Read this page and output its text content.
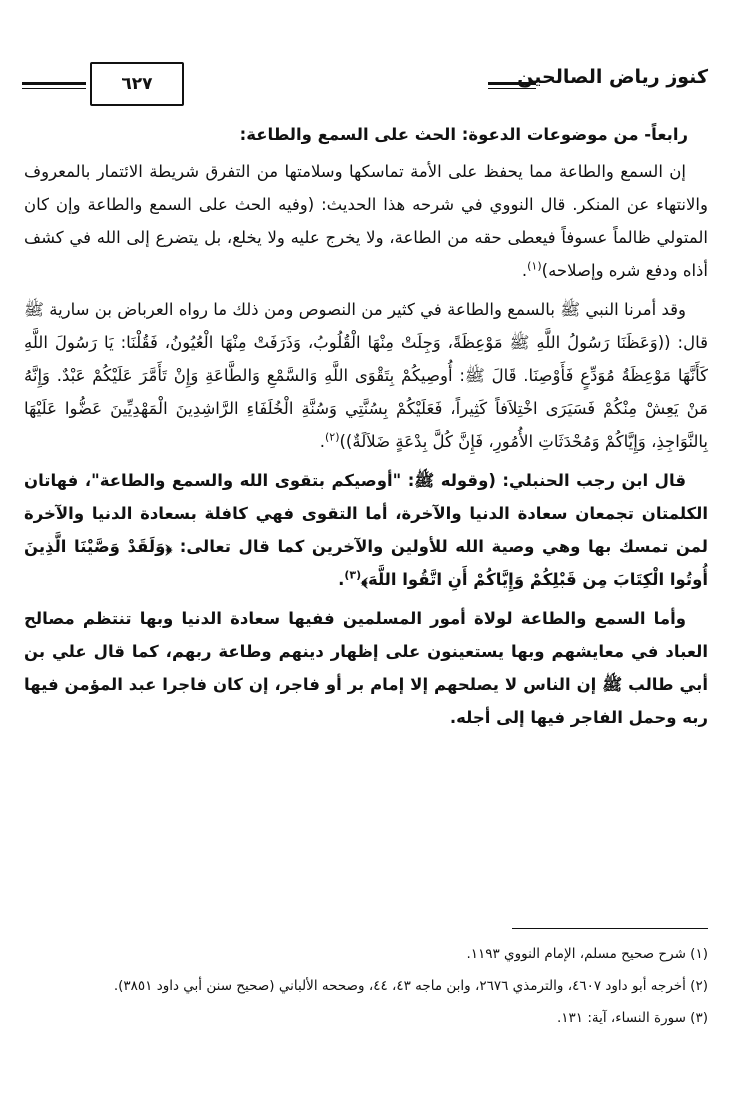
كنوز رياض الصالحين
٦٢٧

رابعاً- من موضوعات الدعوة: الحث على السمع والطاعة:

إن السمع والطاعة مما يحفظ على الأمة تماسكها وسلامتها من التفرق شريطة الائتمار بالمعروف والانتهاء عن المنكر. قال النووي في شرحه هذا الحديث: (وفيه الحث على السمع والطاعة وإن كان المتولي ظالماً عسوفاً فيعطى حقه من الطاعة، ولا يخرج عليه ولا يخلع، بل يتضرع إلى الله في كشف أذاه ودفع شره وإصلاحه)$^{(١)}$.

وقد أمرنا النبي ﷺ بالسمع والطاعة في كثير من النصوص ومن ذلك ما رواه العرباض بن سارية ﷺ قال: ((وَعَظَنَا رَسُولُ اللَّهِ ﷺ مَوْعِظَةً، وَجِلَتْ مِنْهَا الْقُلُوبُ، وَذَرَفَتْ مِنْهَا الْعُيُونُ، فَقُلْنَا: يَا رَسُولَ اللَّهِ كَأَنَّهَا مَوْعِظَةُ مُوَدِّعٍ فَأَوْصِنَا. قَالَ ﷺ: أُوصِيكُمْ بِتَقْوَى اللَّهِ وَالسَّمْعِ وَالطَّاعَةِ وَإِنْ تَأَمَّرَ عَلَيْكُمْ عَبْدٌ. وَإِنَّهُ مَنْ يَعِشْ مِنْكُمْ فَسَيَرَى اخْتِلاَفاً كَثِيراً، فَعَلَيْكُمْ بِسُنَّتِي وَسُنَّةِ الْخُلَفَاءِ الرَّاشِدِينَ الْمَهْدِيِّينَ عَضُّوا عَلَيْهَا بِالنَّوَاجِذِ، وَإِيَّاكُمْ وَمُحْدَثَاتِ الأُمُورِ، فَإِنَّ كُلَّ بِدْعَةٍ ضَلاَلَةٌ))$^{(٢)}$.

قال ابن رجب الحنبلي: (وقوله ﷺ: "أوصيكم بتقوى الله والسمع والطاعة"، فهاتان الكلمتان تجمعان سعادة الدنيا والآخرة، أما التقوى فهي كافلة بسعادة الدنيا والآخرة لمن تمسك بها وهي وصية الله للأولين والآخرين كما قال تعالى: ﴿وَلَقَدْ وَصَّيْنَا الَّذِينَ أُوتُوا الْكِتَابَ مِن قَبْلِكُمْ وَإِيَّاكُمْ أَنِ اتَّقُوا اللَّهَ﴾$^{(٣)}$.

وأما السمع والطاعة لولاة أمور المسلمين ففيها سعادة الدنيا وبها تنتظم مصالح العباد في معايشهم وبها يستعينون على إظهار دينهم وطاعة ربهم، كما قال علي بن أبي طالب ﷺ إن الناس لا يصلحهم إلا إمام بر أو فاجر، إن كان فاجرا عبد المؤمن فيها ربه وحمل الفاجر فيها إلى أجله.

(١) شرح صحيح مسلم، الإمام النووي ١١٩٣.

(٢) أخرجه أبو داود ٤٦٠٧، والترمذي ٢٦٧٦، وابن ماجه ٤٣، ٤٤، وصححه الألباني (صحيح سنن أبي داود ٣٨٥١).

(٣) سورة النساء، آية: ١٣١.
